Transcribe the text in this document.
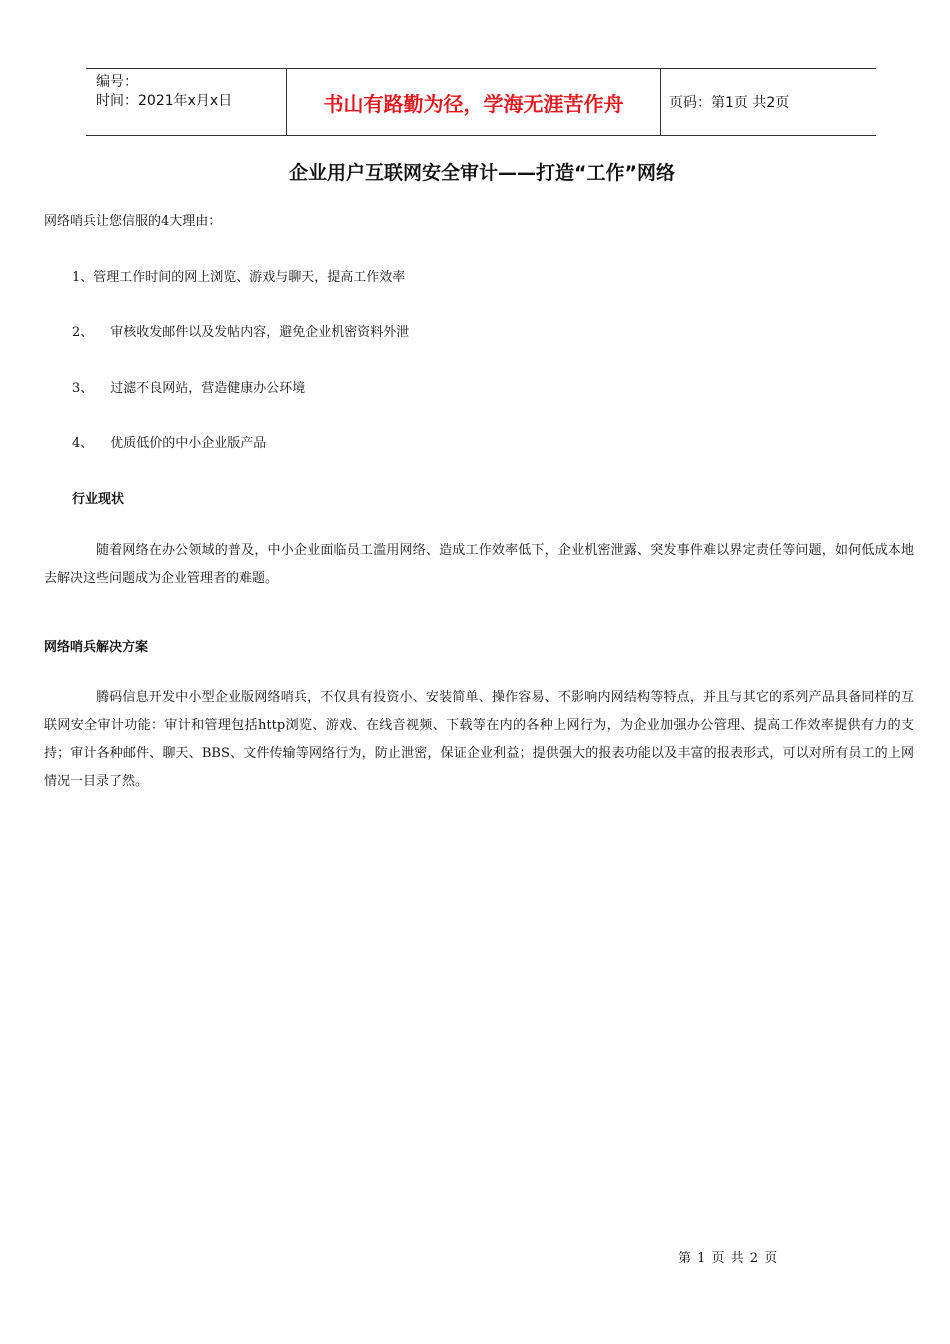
编号：
时间：2021年x月x日	书山有路勤为径，学海无涯苦作舟	页码：第1页 共2页
企业用户互联网安全审计——打造“工作”网络
网络哨兵让您信服的4大理由：
1、管理工作时间的网上浏览、游戏与聊天，提高工作效率
2、 审核收发邮件以及发帖内容，避免企业机密资料外泄
3、 过滤不良网站，营造健康办公环境
4、 优质低价的中小企业版产品
行业现状
随着网络在办公领域的普及，中小企业面临员工滥用网络、造成工作效率低下，企业机密泄露、突发事件难以界定责任等问题，如何低成本地去解决这些问题成为企业管理者的难题。
网络哨兵解决方案
腾码信息开发中小型企业版网络哨兵，不仅具有投资小、安装简单、操作容易、不影响内网结构等特点，并且与其它的系列产品具备同样的互联网安全审计功能：审计和管理包括http浏览、游戏、在线音视频、下载等在内的各种上网行为，为企业加强办公管理、提高工作效率提供有力的支持；审计各种邮件、聊天、BBS、文件传输等网络行为，防止泄密，保证企业利益；提供强大的报表功能以及丰富的报表形式，可以对所有员工的上网情况一目录了然。
第 1 页 共 2 页
